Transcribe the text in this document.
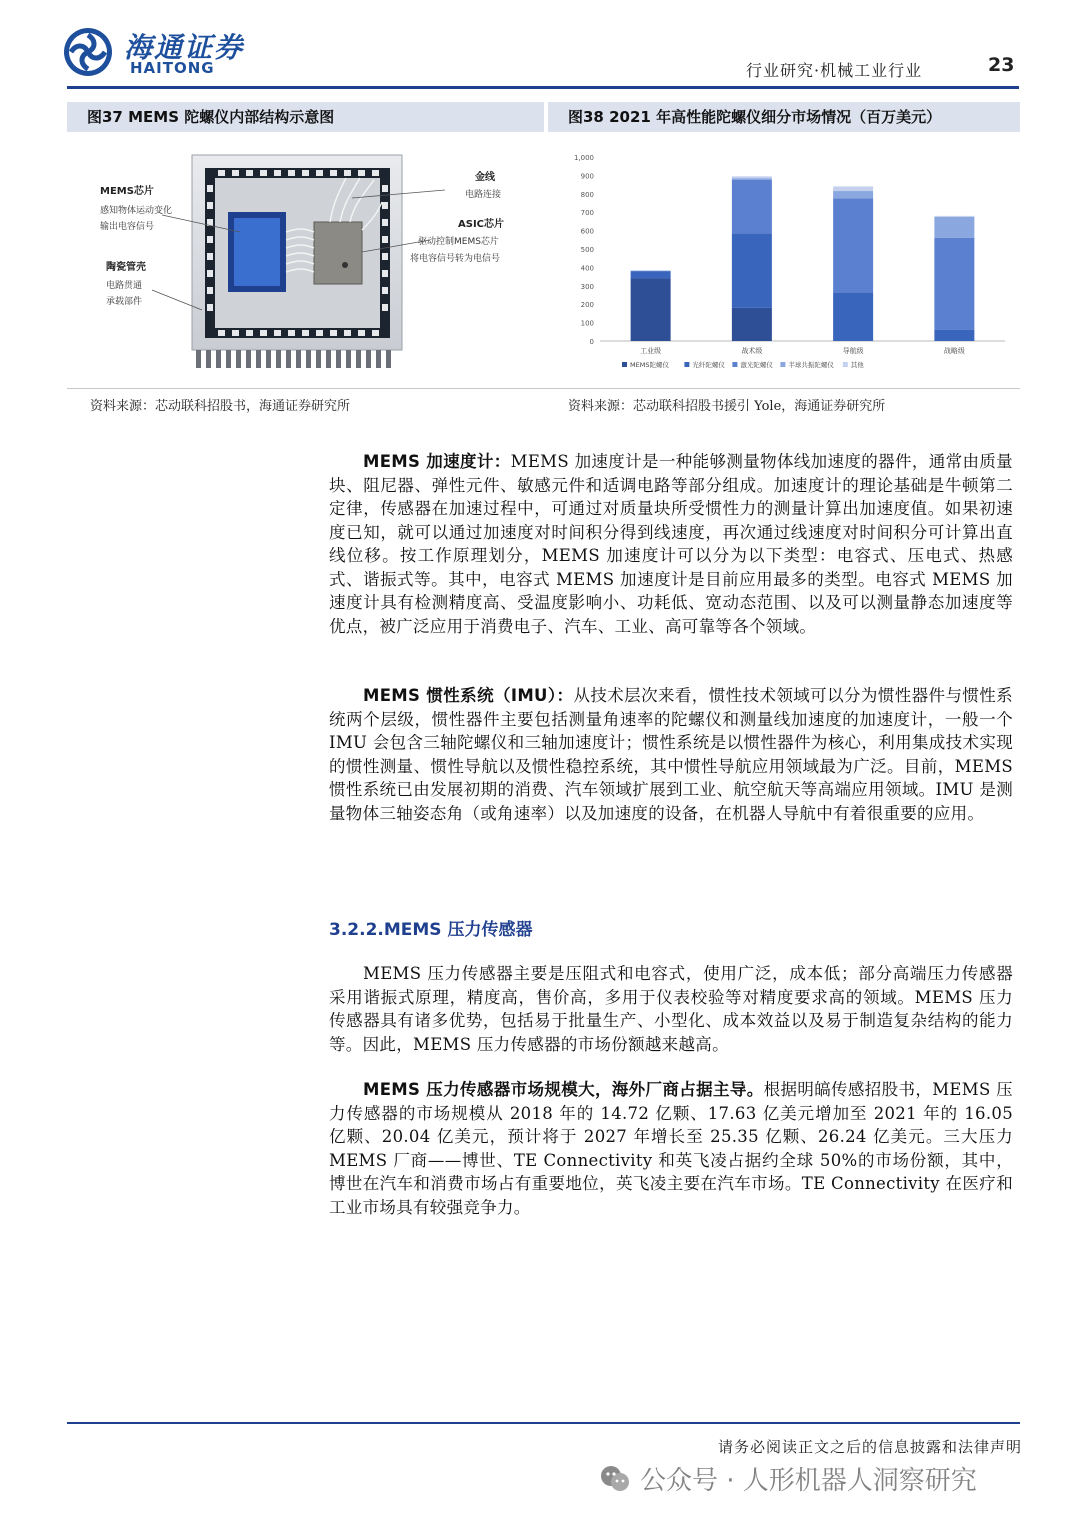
海通证券
HAITONG	行业研究·机械工业行业	23
图37 MEMS 陀螺仪内部结构示意图	图38 2021 年高性能陀螺仪细分市场情况（百万美元）
MEMS芯片
感知物体运动变化
输出电容信号
金线
电路连接
ASIC芯片
驱动控制MEMS芯片
将电容信号转为电信号
陶瓷管壳
电路贯通
承载部件
0
100
200
300
400
500
600
700
800
900
1,000
工业级	战术级	导航级	战略级
MEMS陀螺仪	光纤陀螺仪 激光陀螺仪 半球共振陀螺仪	其他
资料来源：芯动联科招股书，海通证券研究所	资料来源：芯动联科招股书援引 Yole，海通证券研究所

MEMS 加速度计：MEMS 加速度计是一种能够测量物体线加速度的器件，通常由质量块、阻尼器、弹性元件、敏感元件和适调电路等部分组成。加速度计的理论基础是牛顿第二定律，传感器在加速过程中，可通过对质量块所受惯性力的测量计算出加速度值。如果初速度已知，就可以通过加速度对时间积分得到线速度，再次通过线速度对时间积分可计算出直线位移。按工作原理划分，MEMS 加速度计可以分为以下类型：电容式、压电式、热感式、谐振式等。其中，电容式 MEMS 加速度计是目前应用最多的类型。电容式 MEMS 加速度计具有检测精度高、受温度影响小、功耗低、宽动态范围、以及可以测量静态加速度等优点，被广泛应用于消费电子、汽车、工业、高可靠等各个领域。

MEMS 惯性系统（IMU）：从技术层次来看，惯性技术领域可以分为惯性器件与惯性系统两个层级，惯性器件主要包括测量角速率的陀螺仪和测量线加速度的加速度计，一般一个 IMU 会包含三轴陀螺仪和三轴加速度计；惯性系统是以惯性器件为核心，利用集成技术实现的惯性测量、惯性导航以及惯性稳控系统，其中惯性导航应用领域最为广泛。目前，MEMS 惯性系统已由发展初期的消费、汽车领域扩展到工业、航空航天等高端应用领域。IMU 是测量物体三轴姿态角（或角速率）以及加速度的设备，在机器人导航中有着很重要的应用。

3.2.2.MEMS 压力传感器

MEMS 压力传感器主要是压阻式和电容式，使用广泛，成本低；部分高端压力传感器采用谐振式原理，精度高，售价高，多用于仪表校验等对精度要求高的领域。MEMS 压力传感器具有诸多优势，包括易于批量生产、小型化、成本效益以及易于制造复杂结构的能力等。因此，MEMS 压力传感器的市场份额越来越高。

MEMS 压力传感器市场规模大，海外厂商占据主导。根据明皜传感招股书，MEMS 压力传感器的市场规模从 2018 年的 14.72 亿颗、17.63 亿美元增加至 2021 年的 16.05 亿颗、20.04 亿美元，预计将于 2027 年增长至 25.35 亿颗、26.24 亿美元。三大压力 MEMS 厂商——博世、TE Connectivity 和英飞凌占据约全球 50%的市场份额，其中，博世在汽车和消费市场占有重要地位，英飞凌主要在汽车市场。TE Connectivity 在医疗和工业市场具有较强竞争力。

请务必阅读正文之后的信息披露和法律声明
公众号 · 人形机器人洞察研究
